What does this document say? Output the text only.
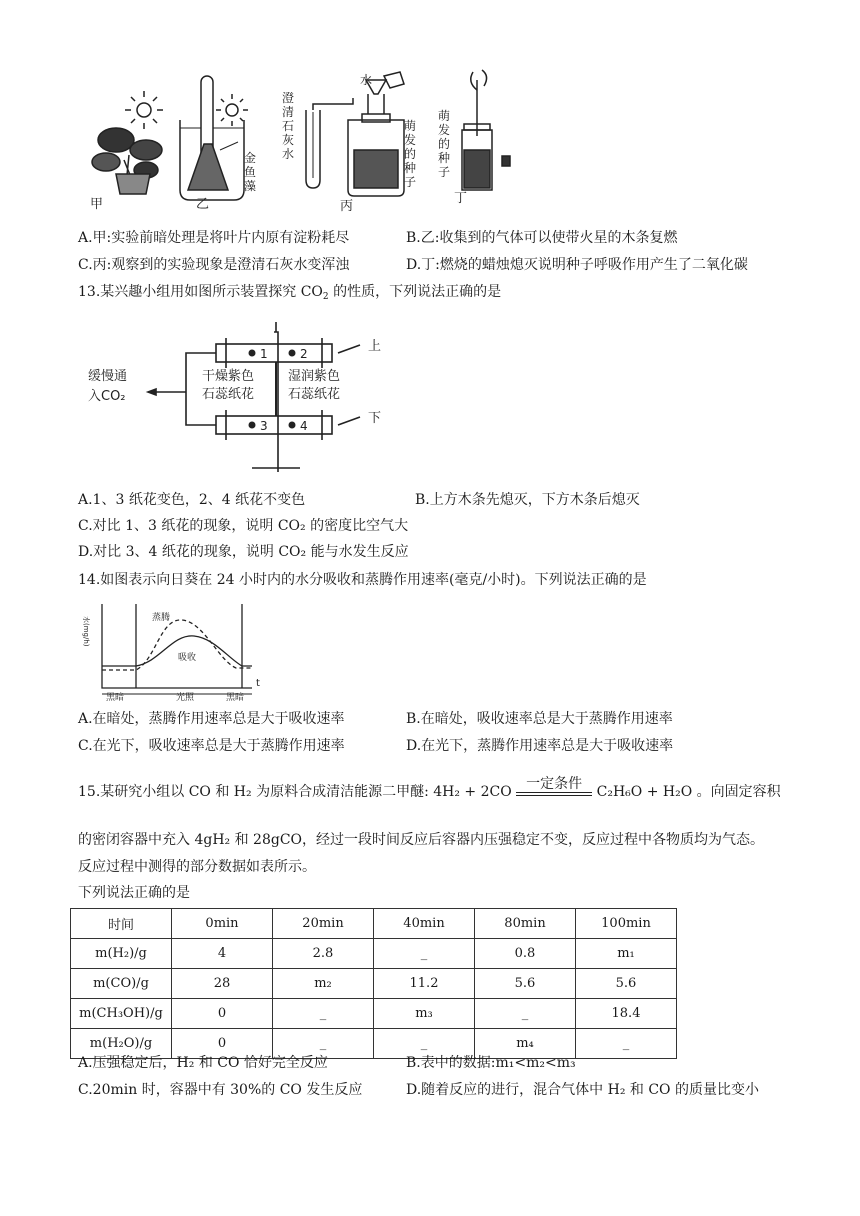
金
鱼
藻
澄
清
石
灰
水
水
萌
发
的
种
子
萌
发
的
种
子
甲	乙	丙
丁
A.甲:实验前暗处理是将叶片内原有淀粉耗尽	B.乙:收集到的气体可以使带火星的木条复燃
C.丙:观察到的实验现象是澄清石灰水变浑浊	D.丁:燃烧的蜡烛熄灭说明种子呼吸作用产生了二氧化碳
13.某兴趣小组用如图所示装置探究 $CO_2$ 的性质，下列说法正确的是
1	2
3	4
上
下
缓慢通
入CO₂
干燥紫色
石蕊纸花
湿润紫色
石蕊纸花
A.1、3 纸花变色，2、4 纸花不变色	B.上方木条先熄灭，下方木条后熄灭
C.对比 1、3 纸花的现象，说明 CO₂ 的密度比空气大
D.对比 3、4 纸花的现象，说明 CO₂ 能与水发生反应
14.如图表示向日葵在 24 小时内的水分吸收和蒸腾作用速率(毫克/小时)。下列说法正确的是
水(mg/h)
t
蒸腾
吸收
黑暗	光照	黑暗
A.在暗处，蒸腾作用速率总是大于吸收速率	B.在暗处，吸收速率总是大于蒸腾作用速率
C.在光下，吸收速率总是大于蒸腾作用速率	D.在光下，蒸腾作用速率总是大于吸收速率
15.某研究小组以 CO 和 H₂ 为原料合成清洁能源二甲醚: 4H₂ + 2CO	一定条件	C₂H₆O + H₂O 。向固定容积
的密闭容器中充入 4gH₂ 和 28gCO，经过一段时间反应后容器内压强稳定不变，反应过程中各物质均为气态。
反应过程中测得的部分数据如表所示。
下列说法正确的是
时间	0min	20min	40min	80min	100min
m(H₂)/g	4	2.8	_	0.8	m₁
m(CO)/g	28	m₂	11.2	5.6	5.6
m(CH₃OH)/g	0	_	m₃	_	18.4
m(H₂O)/g	0	_	_	m₄	_
A.压强稳定后，H₂ 和 CO 恰好完全反应	B.表中的数据:m₁<m₂<m₃
C.20min 时，容器中有 30%的 CO 发生反应	D.随着反应的进行，混合气体中 H₂ 和 CO 的质量比变小
